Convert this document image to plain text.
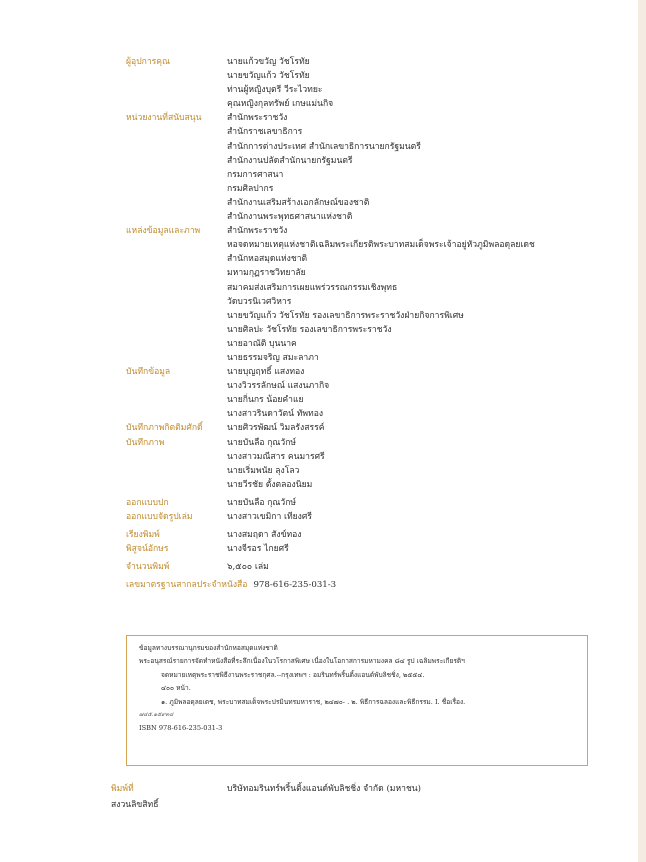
ผู้อุปการคุณ	นายแก้วขวัญ วัชโรทัย
นายขวัญแก้ว วัชโรทัย
ท่านผู้หญิงบุตรี วีระไวทยะ
คุณหญิงกุลทรัพย์ เกษแม่นกิจ
หน่วยงานที่สนับสนุน	สำนักพระราชวัง
สำนักราชเลขาธิการ
สำนักการต่างประเทศ สำนักเลขาธิการนายกรัฐมนตรี
สำนักงานปลัดสำนักนายกรัฐมนตรี
กรมการศาสนา
กรมศิลปากร
สำนักงานเสริมสร้างเอกลักษณ์ของชาติ
สำนักงานพระพุทธศาสนาแห่งชาติ
แหล่งข้อมูลและภาพ	สำนักพระราชวัง
หอจดหมายเหตุแห่งชาติเฉลิมพระเกียรติพระบาทสมเด็จพระเจ้าอยู่หัวภูมิพลอดุลยเดช
สำนักหอสมุดแห่งชาติ
มหามกุฏราชวิทยาลัย
สมาคมส่งเสริมการเผยแพร่วรรณกรรมเชิงพุทธ
วัดบวรนิเวศวิหาร
นายขวัญแก้ว วัชโรทัย รองเลขาธิการพระราชวังฝ่ายกิจการพิเศษ
นายศิลปะ วัชโรทัย รองเลขาธิการพระราชวัง
นายอาณัติ บุนนาค
นายธรรมจริญ สมะลาภา
บันทึกข้อมูล	นายบุญฤทธิ์ แสงทอง
นางวิวรรลักษณ์ แสงนภากิจ
นายกิ่นกร น้อยคำแย
นางสาวรินดาวัตน์ ทัพทอง
บันทึกภาพกิตติมศักดิ์	นายศิวรพัฒน์ วิมลรังสรรค์
บันทึกภาพ	นายบันลือ กุณวักษ์
นางสาวมณีสาร คนมารศรี
นายเริ่มพนัย ลุงโลว
นายวีรชัย ตั้งตลองนิยม
ออกแบบปก	นายบันลือ กุณวักษ์
ออกแบบจัดรูปเล่ม	นางสาวเขมิกา เทียงศรี
เรียงพิมพ์	นางสมฤดา สังข์ทอง
พิสูจน์อักษร	นางจีรอร ไกยศรี
จำนวนพิมพ์	๖,๕๐๐ เล่ม
เลขมาตรฐานสากลประจำหนังสือ 978-616-235-031-3
ข้อมูลทางบรรณานุกรมของสำนักหอสมุดแห่งชาติ
พระอนุสรณ์รายการจัดทำหนังสือที่ระลึกเนื่องในวโรกาสพิเศษ เนื่องในโอกาสการมหามงคล ๘๔ รูป เฉลิมพระเกียรติฯ
จดหมายเหตุพระราชพิธีงานพระราชกุศล.--กรุงเทพฯ : อมรินทร์พริ้นติ้งแอนด์พับลิชชิ่ง, ๒๕๕๔.
๔๐๐ หน้า.
๑. ภูมิพลอดุลยเดช, พระบาทสมเด็จพระปรมินทรมหาราช, ๒๔๗๐- . ๒. พิธีการฉลองและพิธีกรรม. I. ชื่อเรื่อง.
๗๔๕.๑๕๙๓๔
ISBN 978-616-235-031-3
พิมพ์ที่	บริษัทอมรินทร์พริ้นติ้งแอนด์พับลิชชิ่ง จำกัด (มหาชน)
สงวนลิขสิทธิ์
